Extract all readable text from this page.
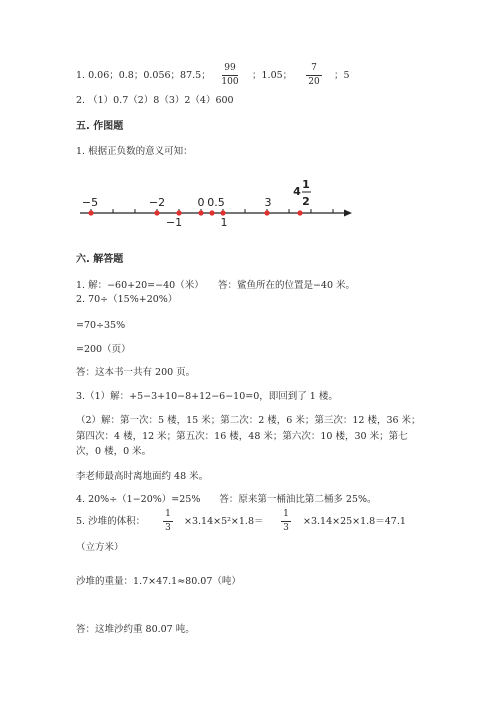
1. 0.06；0.8；0.056；87.5；
99
100
；1.05；
7
20
；5
2. （1）0.7（2）8（3）2（4）600
五. 作图题
1. 根据正负数的意义可知：
−5	−2	0 0.5	3
−1	1
4
1
2
六. 解答题
1. 解：−60+20=−40（米）　　答：鲨鱼所在的位置是−40 米。
2. 70÷（15%+20%）
=70÷35%
=200（页）
答：这本书一共有 200 页。
3.（1）解：+5−3+10−8+12−6−10=0，即回到了 1 楼。
（2）解：第一次：5 楼，15 米；第二次：2 楼，6 米；第三次：12 楼，36 米；
第四次：4 楼，12 米；第五次：16 楼，48 米；第六次：10 楼，30 米；第七
次，0 楼，0 米。
李老师最高时离地面约 48 米。
4. 20%÷（1−20%）=25%　　答：原来第一桶油比第二桶多 25%。
5. 沙堆的体积：
1
3
×3.14×5²×1.8＝
1
3
×3.14×25×1.8＝47.1
（立方米）
沙堆的重量：1.7×47.1≈80.07（吨）
答：这堆沙约重 80.07 吨。
